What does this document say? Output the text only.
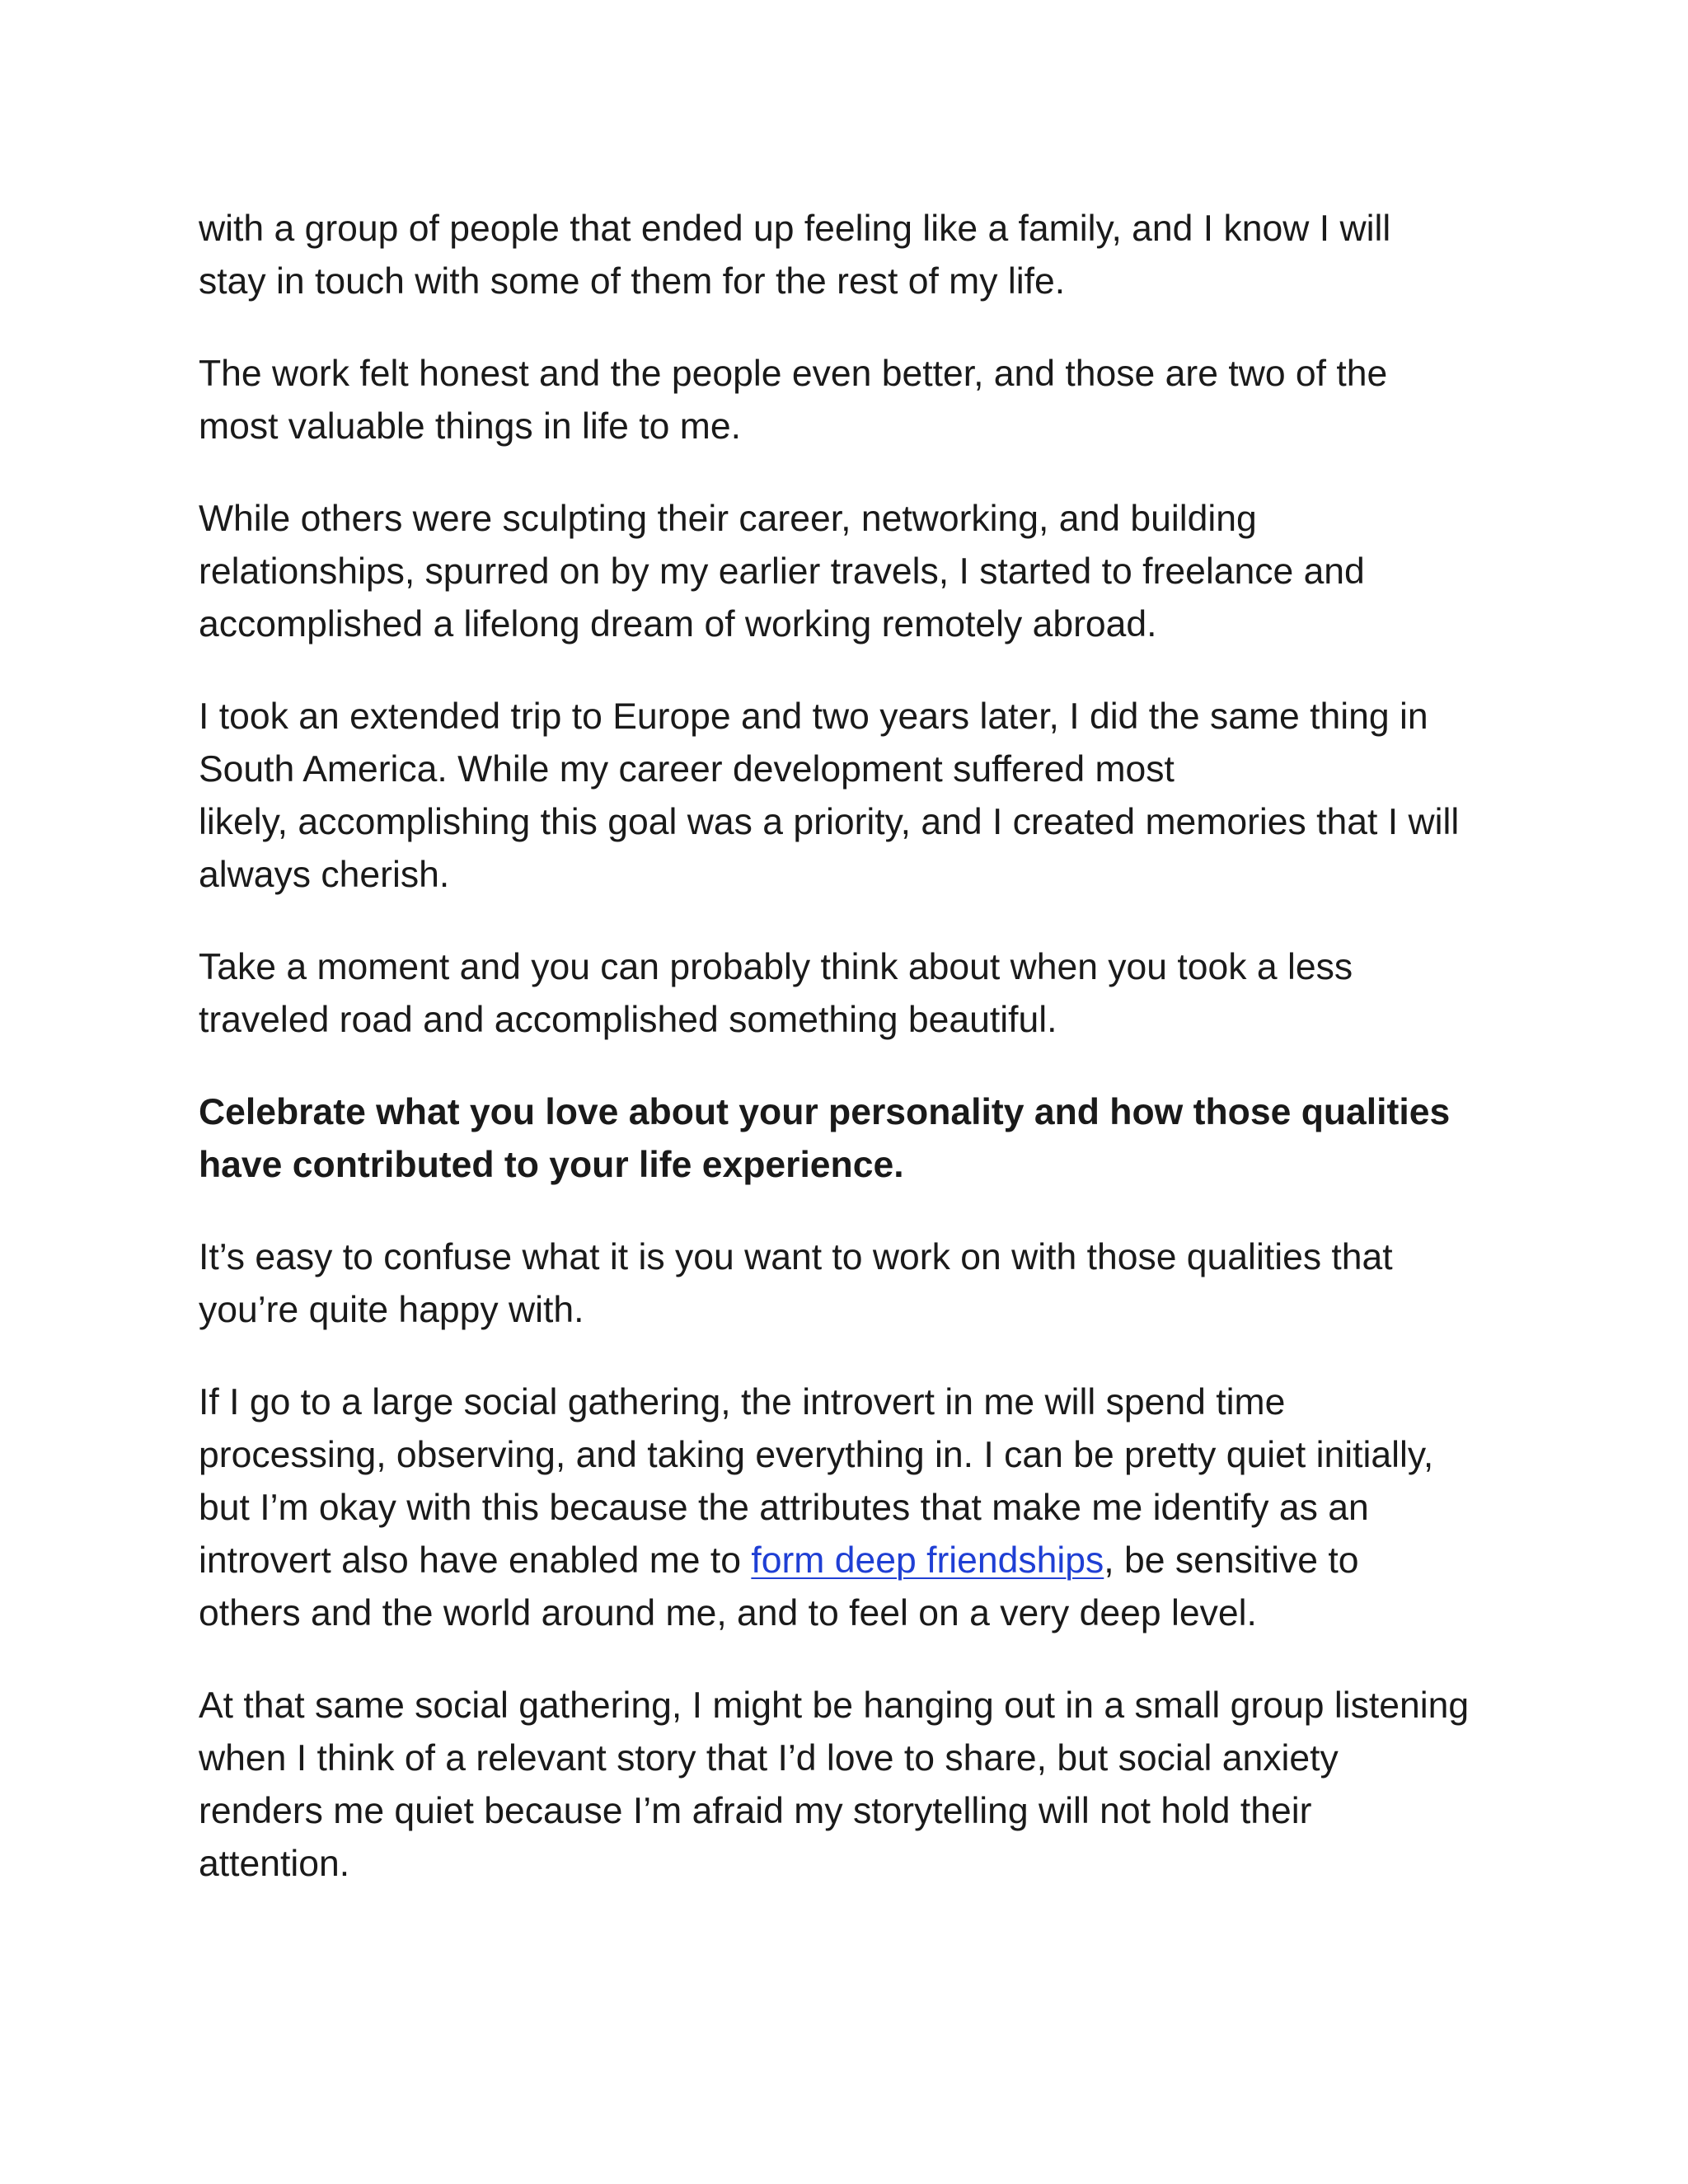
with a group of people that ended up feeling like a family, and I know I will
stay in touch with some of them for the rest of my life.

The work felt honest and the people even better, and those are two of the
most valuable things in life to me.

While others were sculpting their career, networking, and building
relationships, spurred on by my earlier travels, I started to freelance and
accomplished a lifelong dream of working remotely abroad.

I took an extended trip to Europe and two years later, I did the same thing in
South America. While my career development suffered most
likely, accomplishing this goal was a priority, and I created memories that I will
always cherish.

Take a moment and you can probably think about when you took a less
traveled road and accomplished something beautiful.

Celebrate what you love about your personality and how those qualities
have contributed to your life experience.

It’s easy to confuse what it is you want to work on with those qualities that
you’re quite happy with.

If I go to a large social gathering, the introvert in me will spend time
processing, observing, and taking everything in. I can be pretty quiet initially,
but I’m okay with this because the attributes that make me identify as an
introvert also have enabled me to form deep friendships, be sensitive to
others and the world around me, and to feel on a very deep level.

At that same social gathering, I might be hanging out in a small group listening
when I think of a relevant story that I’d love to share, but social anxiety
renders me quiet because I’m afraid my storytelling will not hold their
attention.
